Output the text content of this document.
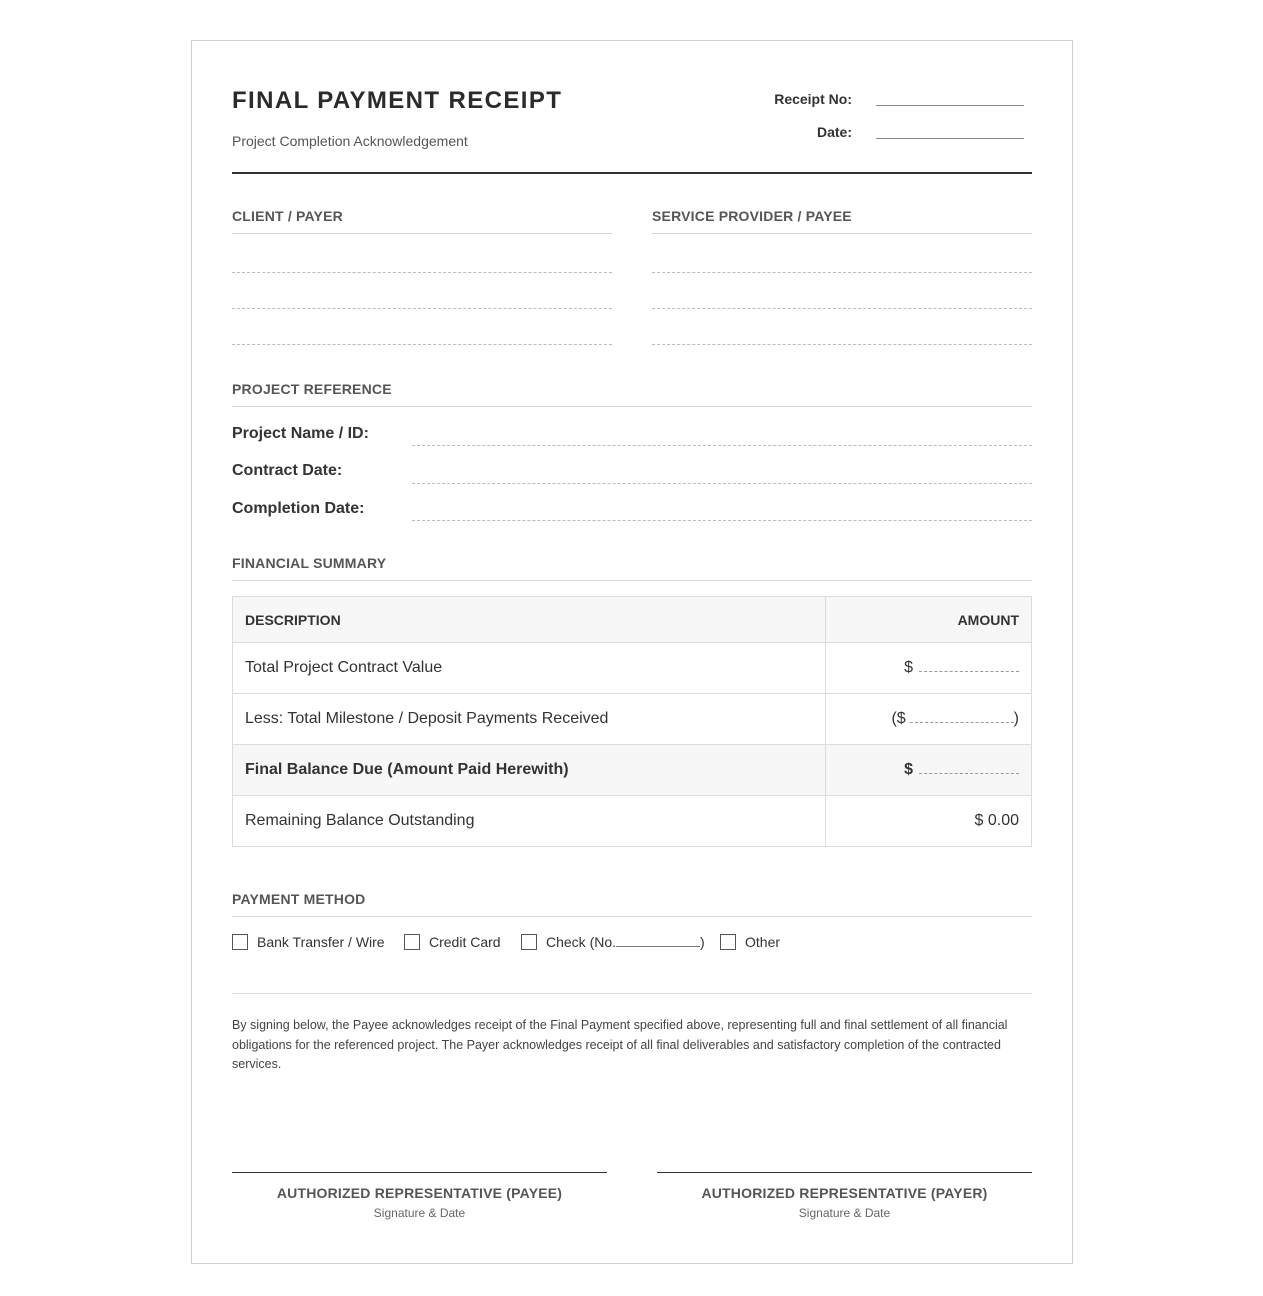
FINAL PAYMENT RECEIPT
Project Completion Acknowledgement
Receipt No:
Date:
CLIENT / PAYER	SERVICE PROVIDER / PAYEE
PROJECT REFERENCE
Project Name / ID:
Contract Date:
Completion Date:
FINANCIAL SUMMARY
DESCRIPTION	AMOUNT
Total Project Contract Value	$
Less: Total Milestone / Deposit Payments Received	($ )
Final Balance Due (Amount Paid Herewith)	$
Remaining Balance Outstanding	$ 0.00
PAYMENT METHOD
Bank Transfer / Wire	Credit Card	Check (No.	)	Other
By signing below, the Payee acknowledges receipt of the Final Payment specified above, representing full and final settlement of all financial obligations for the referenced project. The Payer acknowledges receipt of all final deliverables and satisfactory completion of the contracted services.
AUTHORIZED REPRESENTATIVE (PAYEE)
Signature & Date
AUTHORIZED REPRESENTATIVE (PAYER)
Signature & Date
